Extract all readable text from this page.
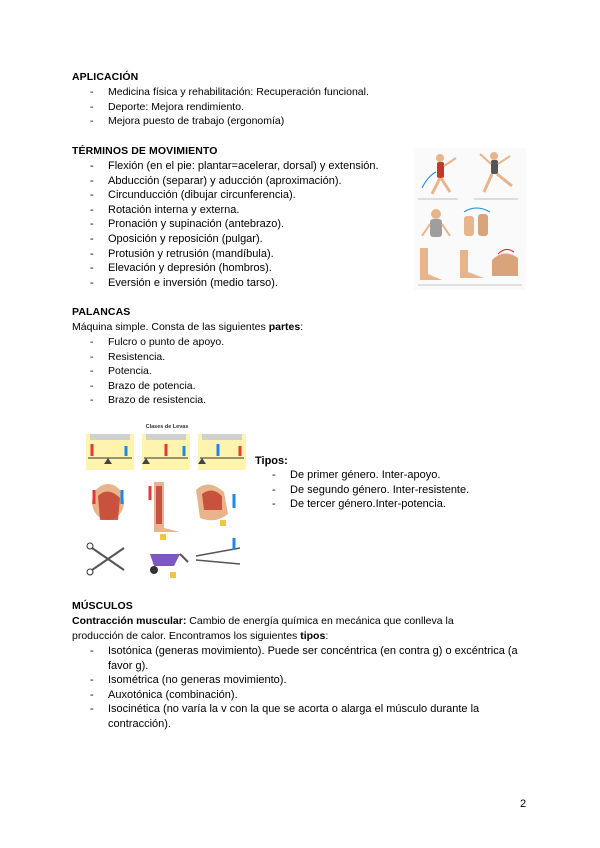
APLICACIÓN
- Medicina física y rehabilitación: Recuperación funcional.
- Deporte: Mejora rendimiento.
- Mejora puesto de trabajo (ergonomía)
TÉRMINOS DE MOVIMIENTO
- Flexión (en el pie: plantar=acelerar, dorsal) y extensión.
- Abducción (separar) y aducción (aproximación).
- Circunducción (dibujar circunferencia).
- Rotación interna y externa.
- Pronación y supinación (antebrazo).
- Oposición y reposición (pulgar).
- Protusión y retrusión (mandíbula).
- Elevación y depresión (hombros).
- Eversión e inversión (medio tarso).
PALANCAS
Máquina simple. Consta de las siguientes partes:
- Fulcro o punto de apoyo.
- Resistencia.
- Potencia.
- Brazo de potencia.
- Brazo de resistencia.
Clases de Levas
Tipos:
- De primer género. Inter-apoyo.
- De segundo género. Inter-resistente.
- De tercer género.Inter-potencia.
MÚSCULOS
Contracción muscular: Cambio de energía química en mecánica que conlleva la
producción de calor. Encontramos los siguientes tipos:
- Isotónica (generas movimiento). Puede ser concéntrica (en contra g) o excéntrica (a
favor g).
- Isométrica (no generas movimiento).
- Auxotónica (combinación).
- Isocinética (no varía la v con la que se acorta o alarga el músculo durante la
contracción).
2
